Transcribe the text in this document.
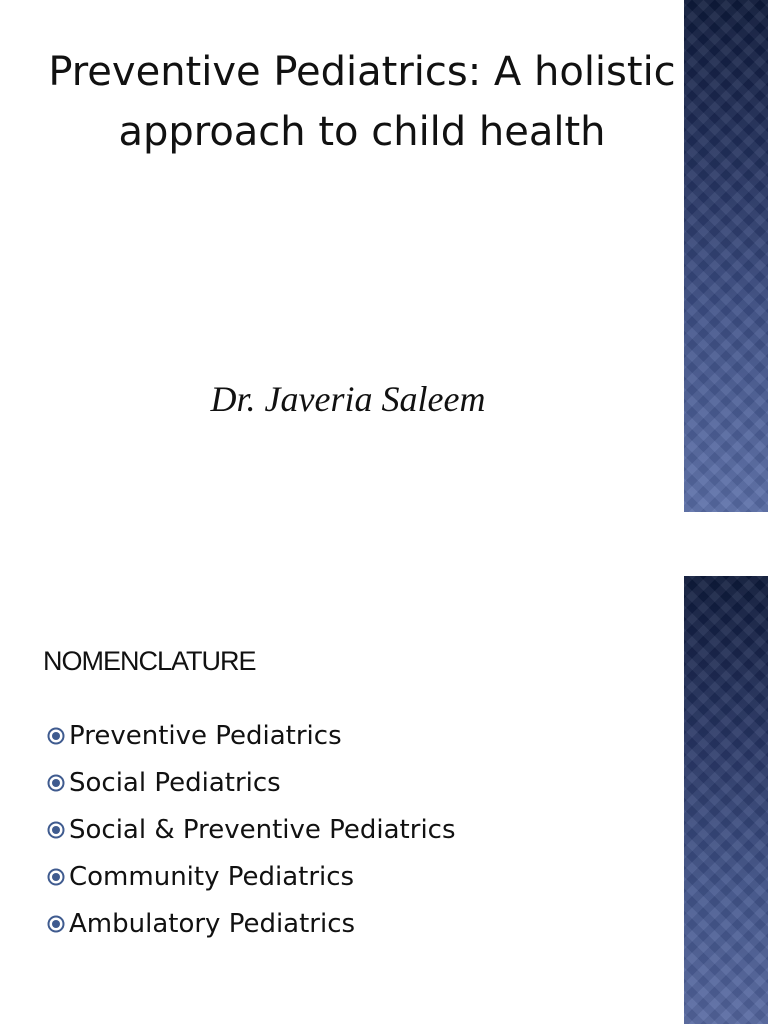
Preventive Pediatrics: A holistic approach to child health

Dr. Javeria Saleem

NOMENCLATURE
Preventive Pediatrics
Social Pediatrics
Social & Preventive Pediatrics
Community Pediatrics
Ambulatory Pediatrics
